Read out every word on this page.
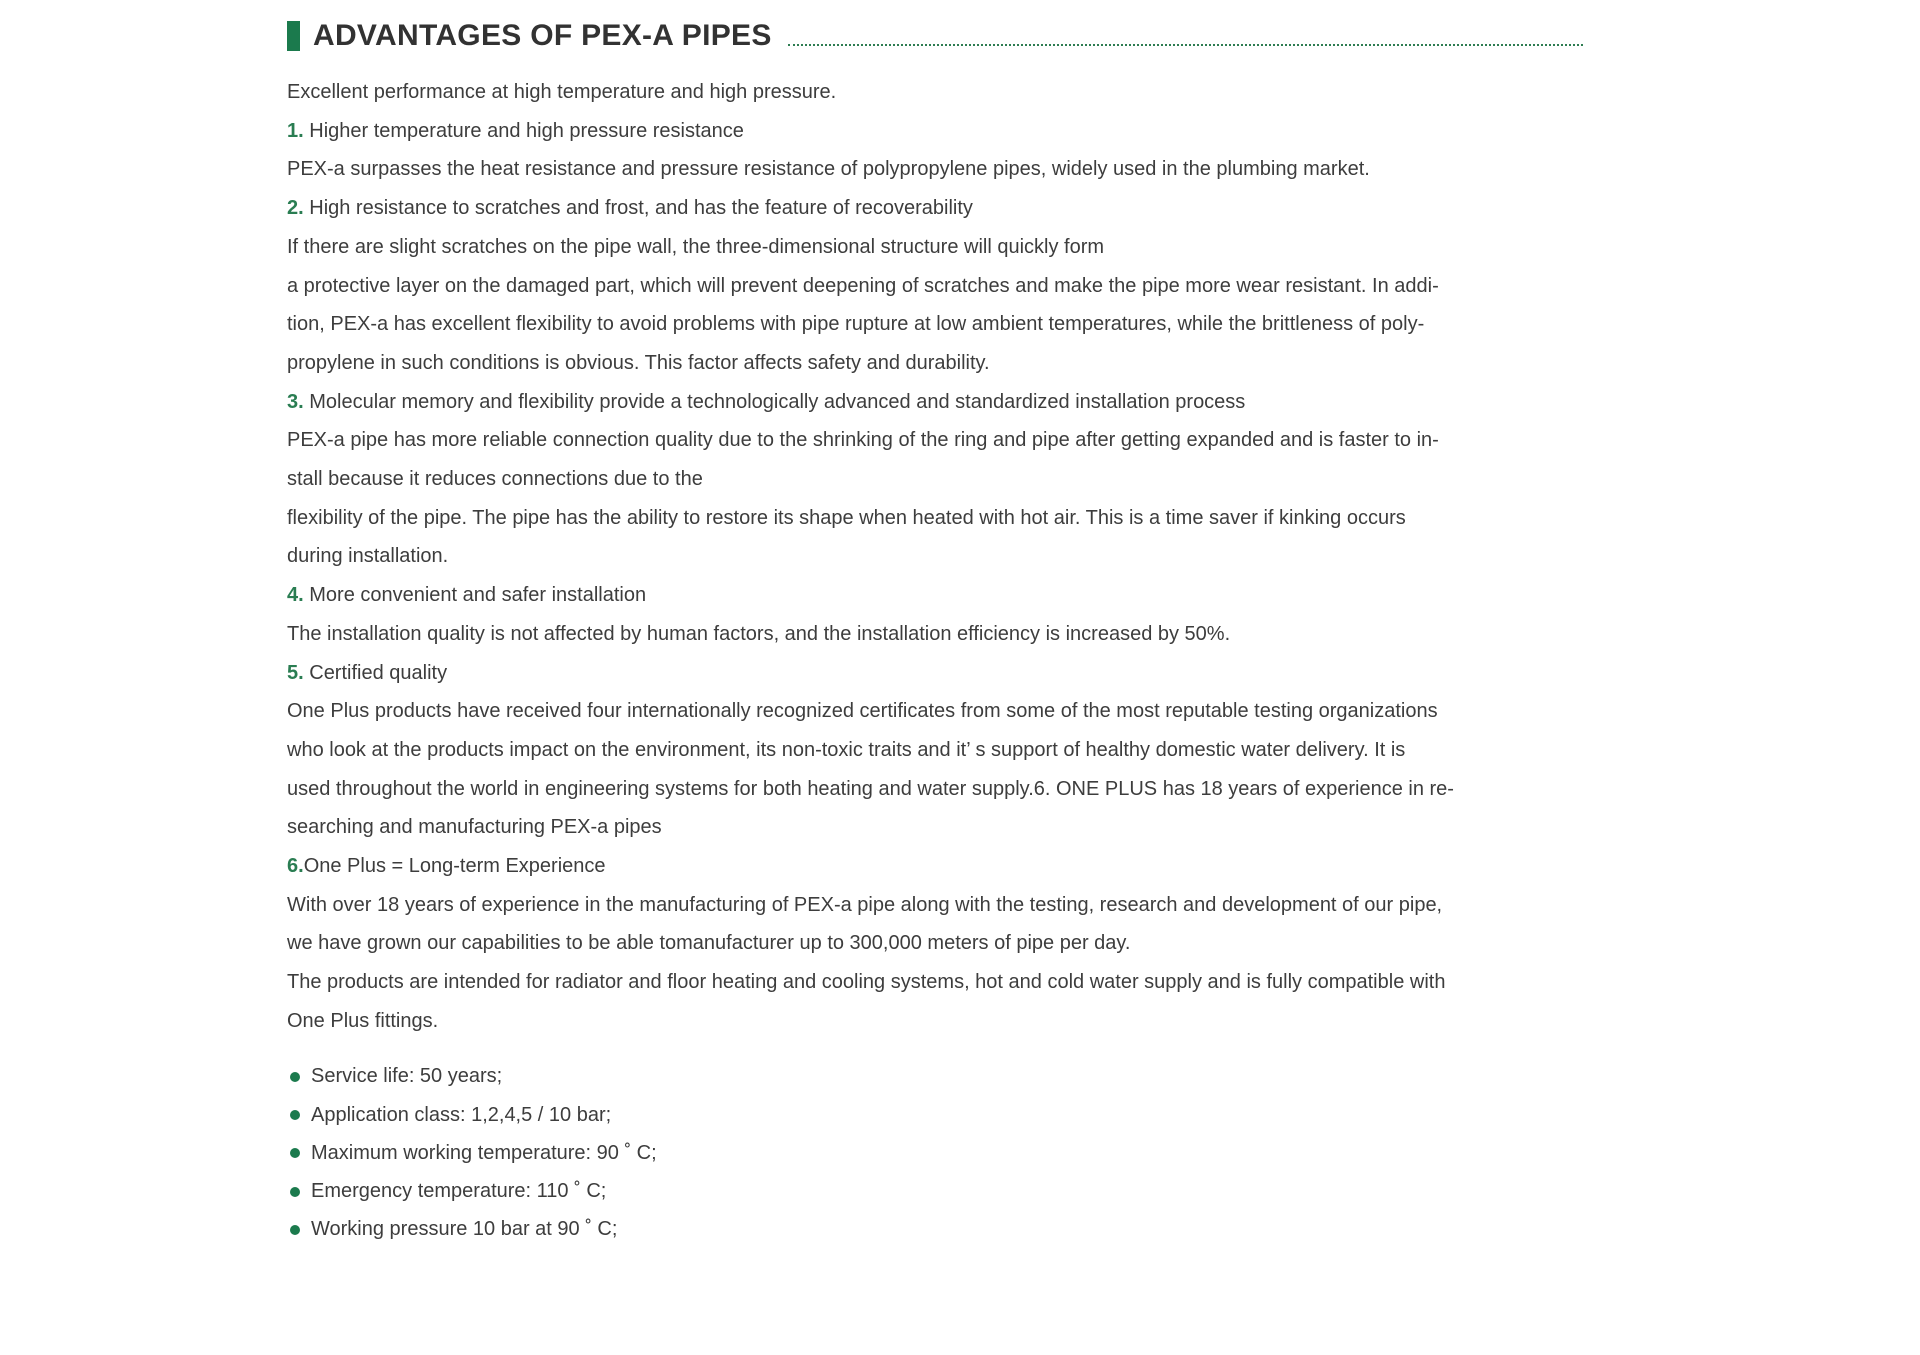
ADVANTAGES OF PEX-A PIPES
Excellent performance at high temperature and high pressure.
1. Higher temperature and high pressure resistance
PEX-a surpasses the heat resistance and pressure resistance of polypropylene pipes, widely used in the plumbing market.
2. High resistance to scratches and frost, and has the feature of recoverability
If there are slight scratches on the pipe wall, the three-dimensional structure will quickly form
a protective layer on the damaged part, which will prevent deepening of scratches and make the pipe more wear resistant. In addi-
tion, PEX-a has excellent flexibility to avoid problems with pipe rupture at low ambient temperatures, while the brittleness of poly-
propylene in such conditions is obvious. This factor affects safety and durability.
3. Molecular memory and flexibility provide a technologically advanced and standardized installation process
PEX-a pipe has more reliable connection quality due to the shrinking of the ring and pipe after getting expanded and is faster to in-
stall because it reduces connections due to the
flexibility of the pipe. The pipe has the ability to restore its shape when heated with hot air. This is a time saver if kinking occurs
during installation.
4. More convenient and safer installation
The installation quality is not affected by human factors, and the installation efficiency is increased by 50%.
5. Certified quality
One Plus products have received four internationally recognized certificates from some of the most reputable testing organizations
who look at the products impact on the environment, its non-toxic traits and it’ s support of healthy domestic water delivery. It is
used throughout the world in engineering systems for both heating and water supply.6. ONE PLUS has 18 years of experience in re-
searching and manufacturing PEX-a pipes
6.One Plus = Long-term Experience
With over 18 years of experience in the manufacturing of PEX-a pipe along with the testing, research and development of our pipe,
we have grown our capabilities to be able tomanufacturer up to 300,000 meters of pipe per day.
The products are intended for radiator and floor heating and cooling systems, hot and cold water supply and is fully compatible with
One Plus fittings.
Service life: 50 years;
Application class: 1,2,4,5 / 10 bar;
Maximum working temperature: 90 ˚ C;
Emergency temperature: 110 ˚ C;
Working pressure 10 bar at 90 ˚ C;
